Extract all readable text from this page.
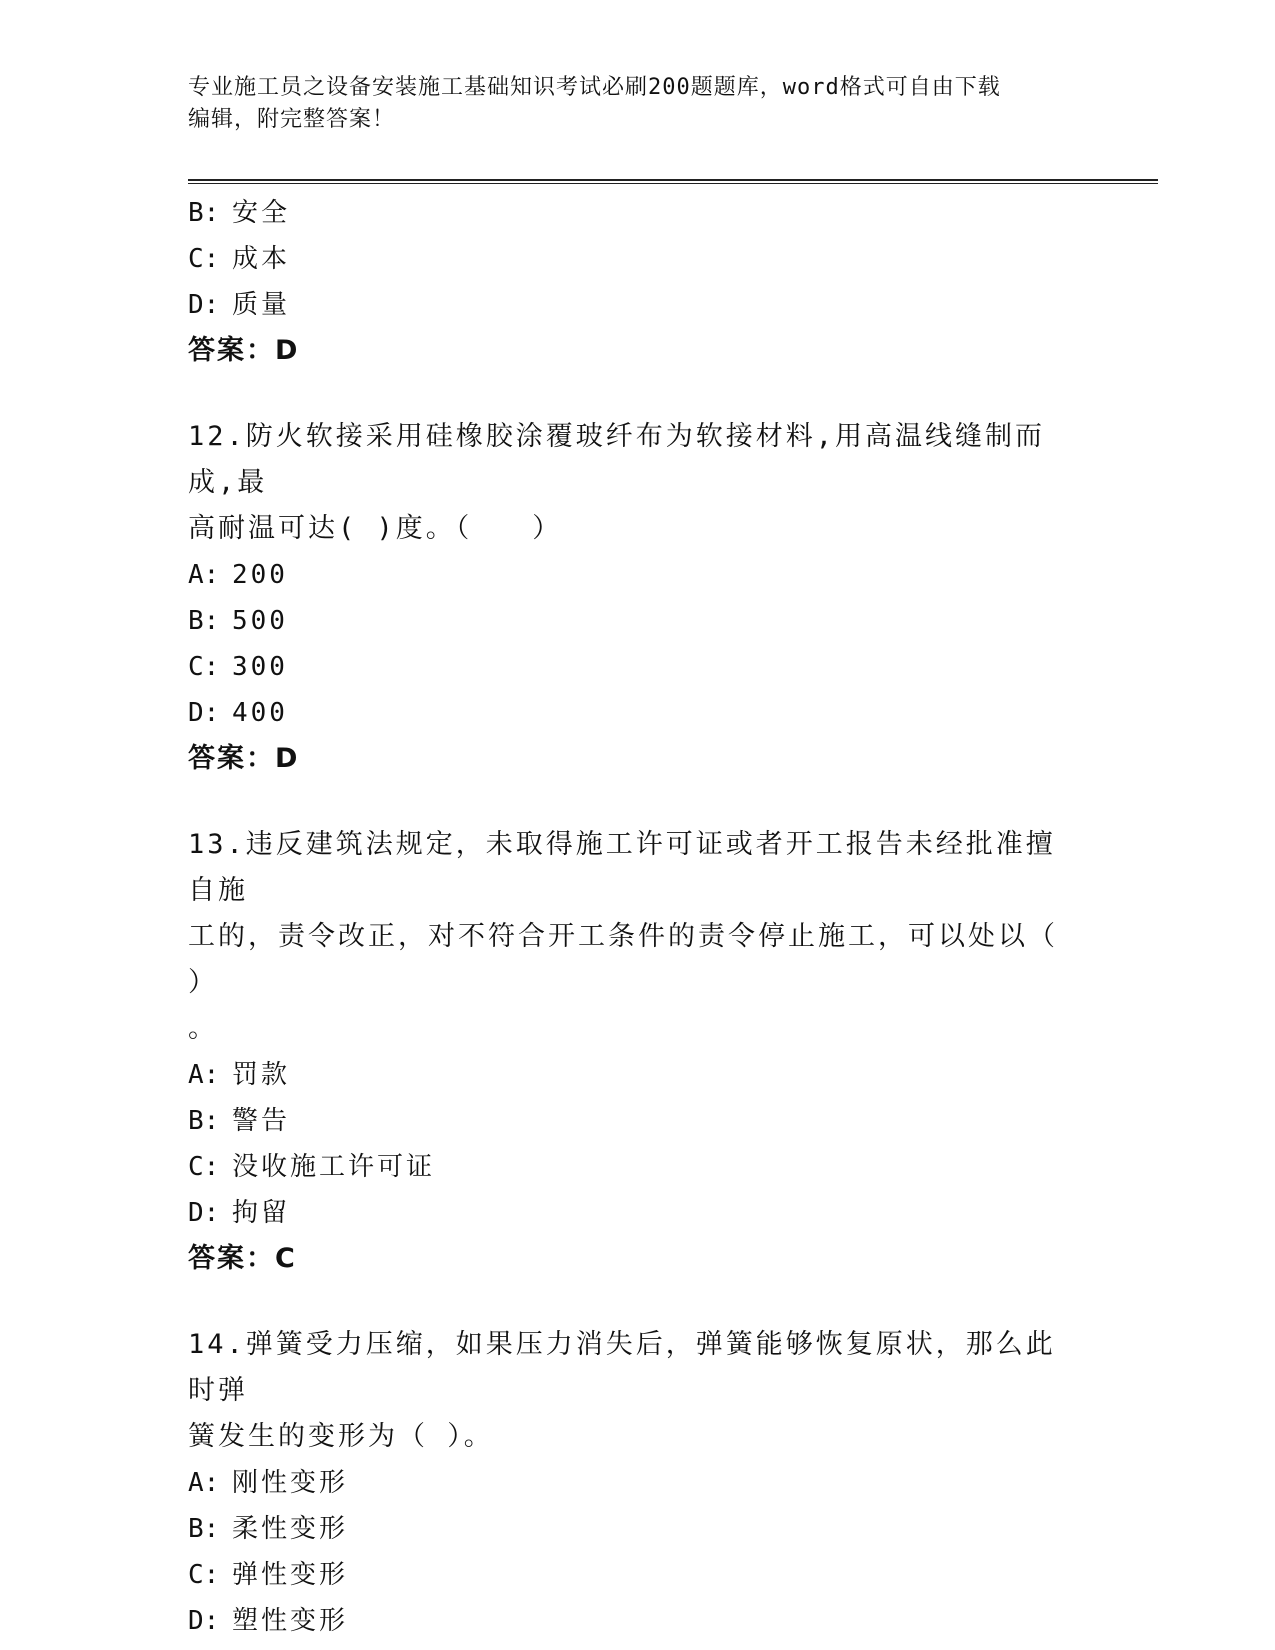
专业施工员之设备安装施工基础知识考试必刷200题题库，word格式可自由下载
编辑，附完整答案！
B: 安全
C: 成本
D: 质量
答案：D
12.防火软接采用硅橡胶涂覆玻纤布为软接材料,用高温线缝制而成,最
高耐温可达( )度。（　　）
A: 200
B: 500
C: 300
D: 400
答案：D
13.违反建筑法规定，未取得施工许可证或者开工报告未经批准擅自施
工的，责令改正，对不符合开工条件的责令停止施工，可以处以（ ）
。
A: 罚款
B: 警告
C: 没收施工许可证
D: 拘留
答案：C
14.弹簧受力压缩，如果压力消失后，弹簧能够恢复原状，那么此时弹
簧发生的变形为（ ）。
A: 刚性变形
B: 柔性变形
C: 弹性变形
D: 塑性变形
